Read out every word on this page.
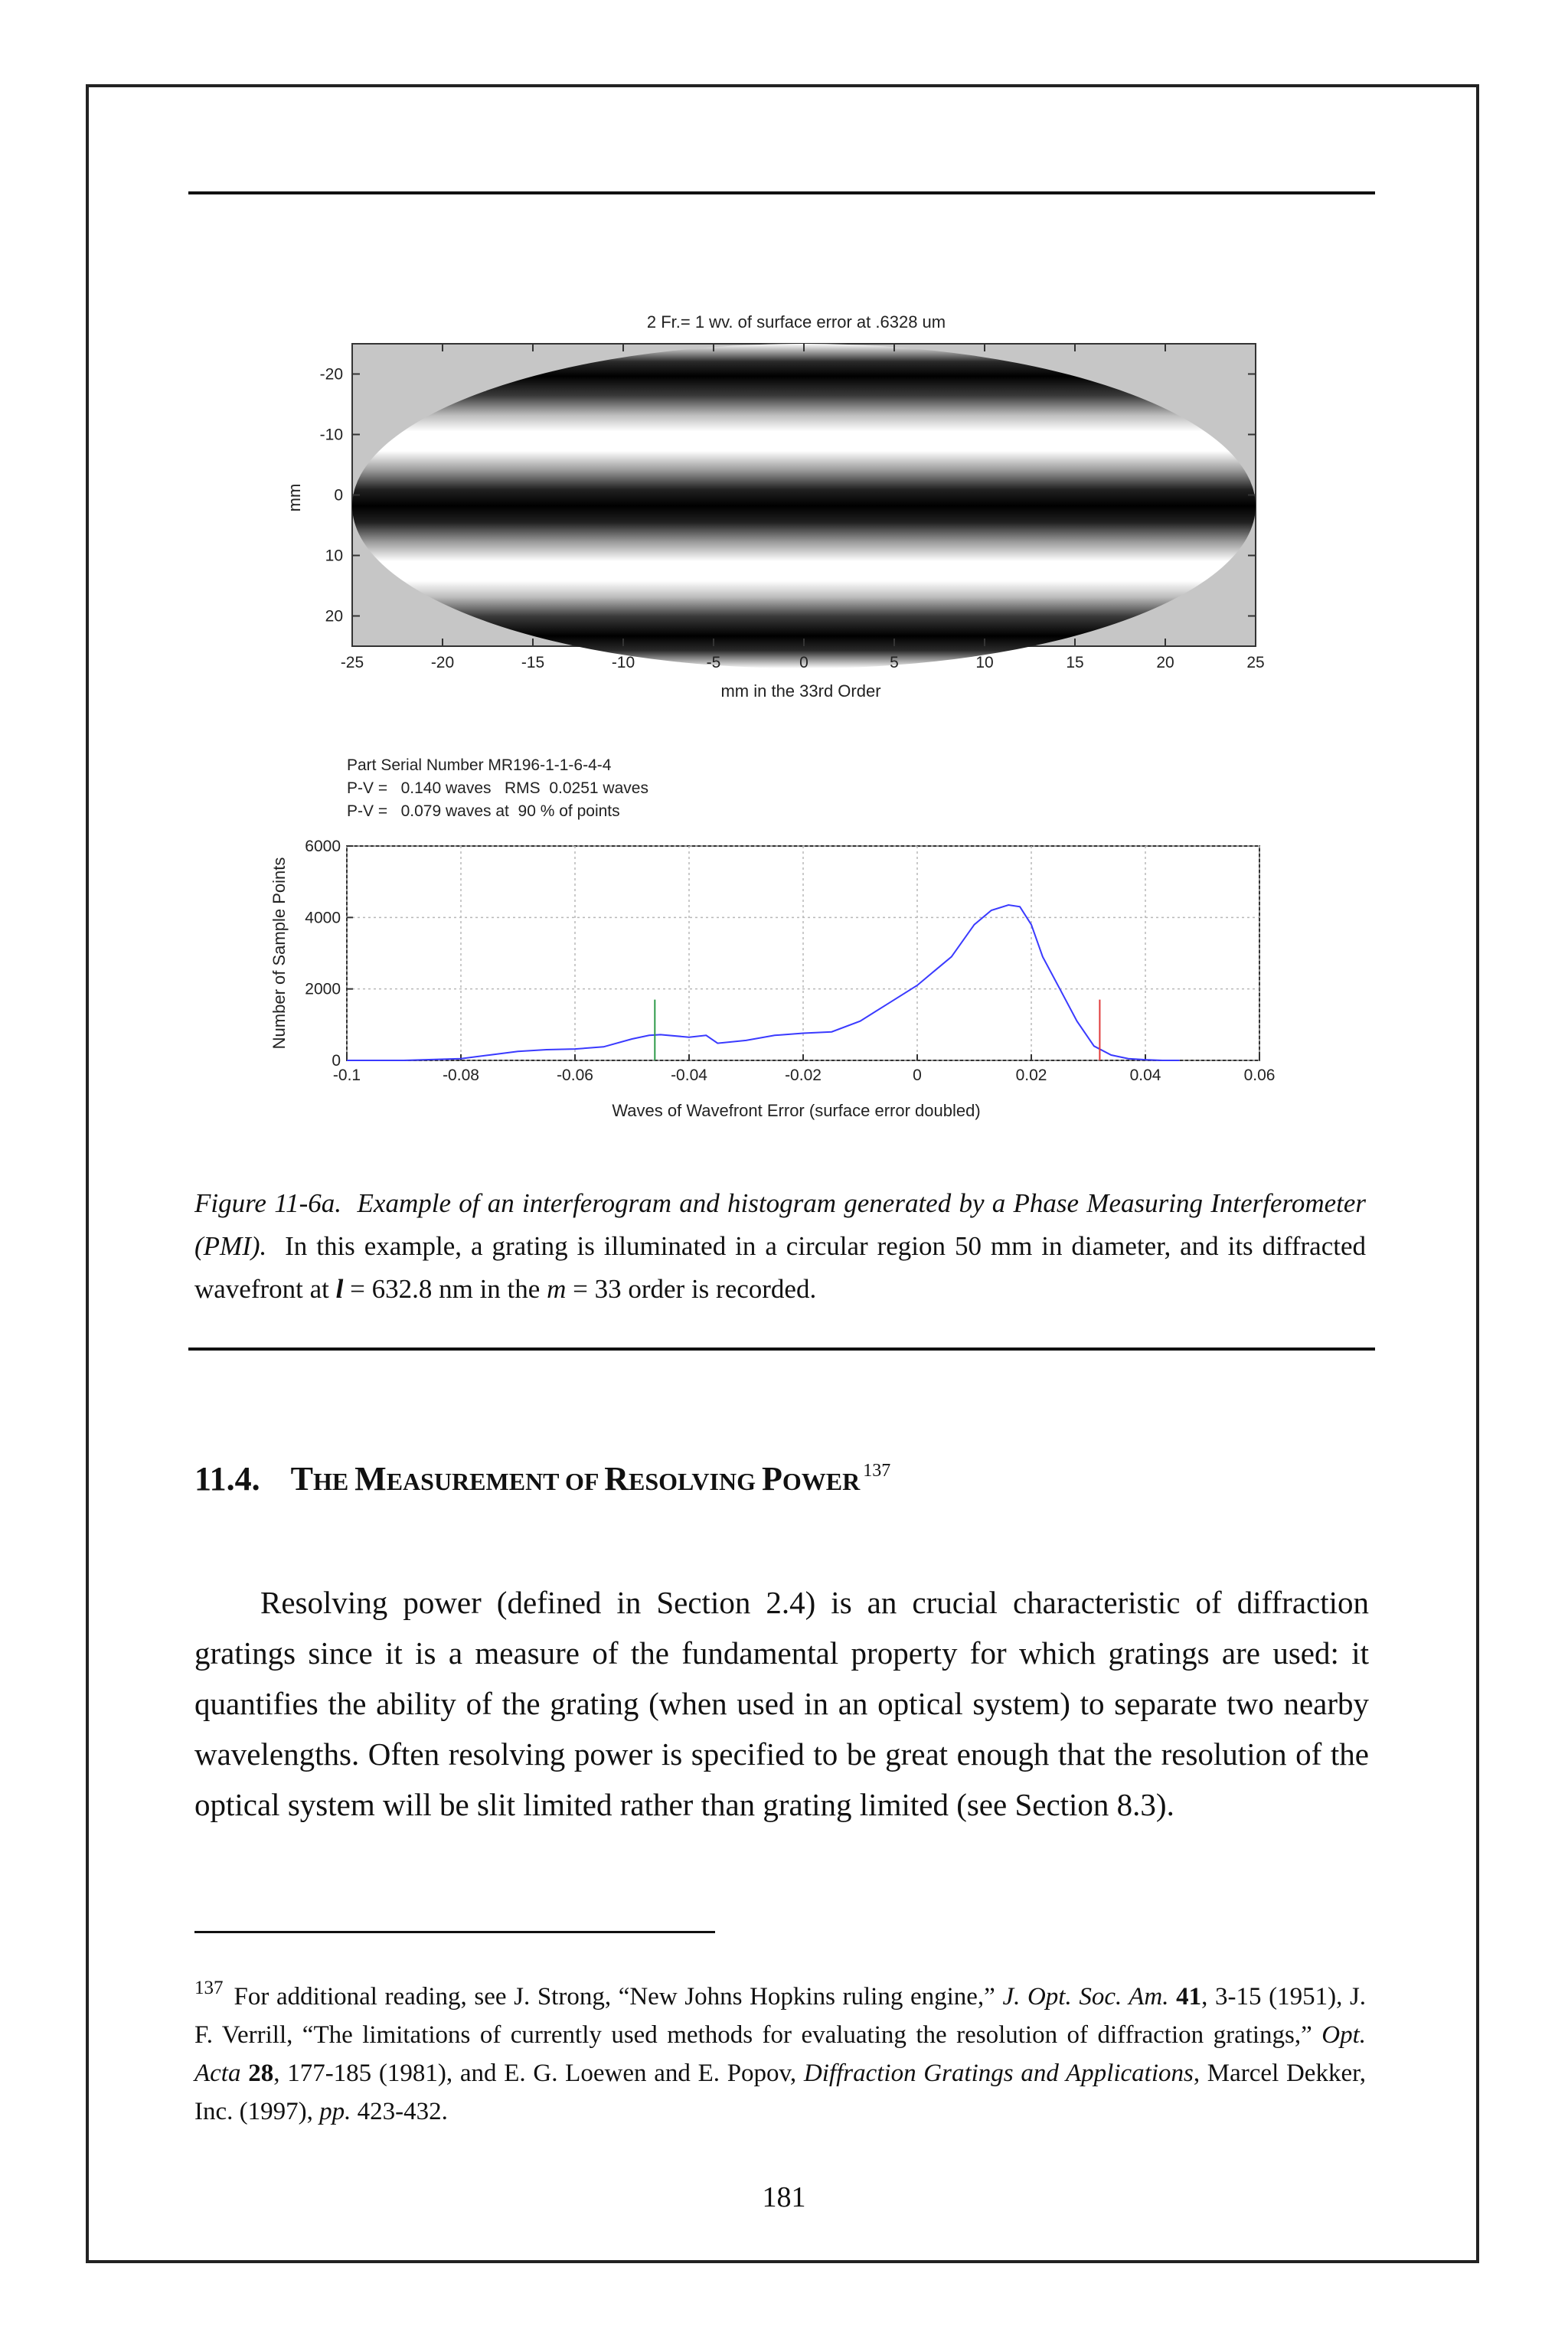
2 Fr.= 1 wv. of surface error at .6328 um
-25	-20	-15	-10	-5	0	5	10	15	20	25
-20
-10
0
10
20
mm
mm in the 33rd Order
Part Serial Number MR196-1-1-6-4-4
P-V =   0.140 waves   RMS  0.0251 waves
P-V =   0.079 waves at  90 % of points
-0.1	-0.08	-0.06	-0.04	-0.02	0	0.02	0.04	0.06
0
2000
4000
6000
Number of Sample Points
Waves of Wavefront Error (surface error doubled)
Figure 11-6a. Example of an interferogram and histogram generated by a Phase Measuring Interferometer (PMI). In this example, a grating is illuminated in a circular region 50 mm in diameter, and its diffracted wavefront at l = 632.8 nm in the m = 33 order is recorded.
11.4. THE MEASUREMENT OF RESOLVING POWER $^{137}$
Resolving power (defined in Section 2.4) is an crucial characteristic of diffraction gratings since it is a measure of the fundamental property for which gratings are used: it quantifies the ability of the grating (when used in an optical system) to separate two nearby wavelengths. Often resolving power is specified to be great enough that the resolution of the optical system will be slit limited rather than grating limited (see Section 8.3).
$^{137}$ For additional reading, see J. Strong, “New Johns Hopkins ruling engine,” J. Opt. Soc. Am. 41, 3-15 (1951), J. F. Verrill, “The limitations of currently used methods for evaluating the resolution of diffraction gratings,” Opt. Acta 28, 177-185 (1981), and E. G. Loewen and E. Popov, Diffraction Gratings and Applications, Marcel Dekker, Inc. (1997), pp. 423-432.
181
